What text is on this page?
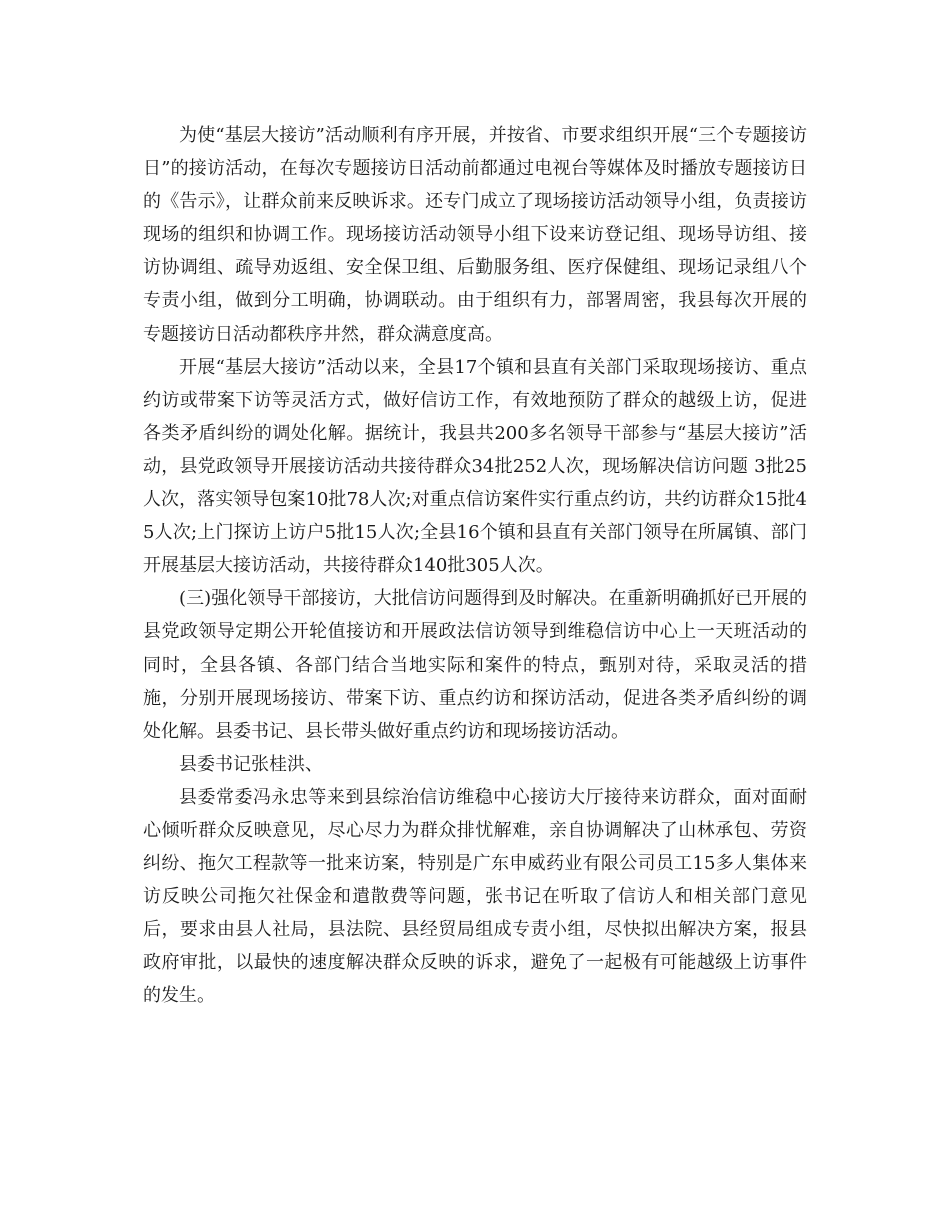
为使“基层大接访”活动顺利有序开展，并按省、市要求组织开展“三个专题接访日”的接访活动，在每次专题接访日活动前都通过电视台等媒体及时播放专题接访日的《告示》，让群众前来反映诉求。还专门成立了现场接访活动领导小组，负责接访现场的组织和协调工作。现场接访活动领导小组下设来访登记组、现场导访组、接访协调组、疏导劝返组、安全保卫组、后勤服务组、医疗保健组、现场记录组八个专责小组，做到分工明确，协调联动。由于组织有力，部署周密，我县每次开展的专题接访日活动都秩序井然，群众满意度高。

开展“基层大接访”活动以来，全县17个镇和县直有关部门采取现场接访、重点约访或带案下访等灵活方式，做好信访工作，有效地预防了群众的越级上访，促进各类矛盾纠纷的调处化解。据统计，我县共200多名领导干部参与“基层大接访”活动，县党政领导开展接访活动共接待群众34批252人次，现场解决信访问题 3批25人次，落实领导包案10批78人次;对重点信访案件实行重点约访，共约访群众15批45人次;上门探访上访户5批15人次;全县16个镇和县直有关部门领导在所属镇、部门开展基层大接访活动，共接待群众140批305人次。

(三)强化领导干部接访，大批信访问题得到及时解决。在重新明确抓好已开展的县党政领导定期公开轮值接访和开展政法信访领导到维稳信访中心上一天班活动的同时，全县各镇、各部门结合当地实际和案件的特点，甄别对待，采取灵活的措施，分别开展现场接访、带案下访、重点约访和探访活动，促进各类矛盾纠纷的调处化解。县委书记、县长带头做好重点约访和现场接访活动。

县委书记张桂洪、

县委常委冯永忠等来到县综治信访维稳中心接访大厅接待来访群众，面对面耐心倾听群众反映意见，尽心尽力为群众排忧解难，亲自协调解决了山林承包、劳资纠纷、拖欠工程款等一批来访案，特别是广东申威药业有限公司员工15多人集体来访反映公司拖欠社保金和遣散费等问题，张书记在听取了信访人和相关部门意见后，要求由县人社局，县法院、县经贸局组成专责小组，尽快拟出解决方案，报县政府审批，以最快的速度解决群众反映的诉求，避免了一起极有可能越级上访事件的发生。
